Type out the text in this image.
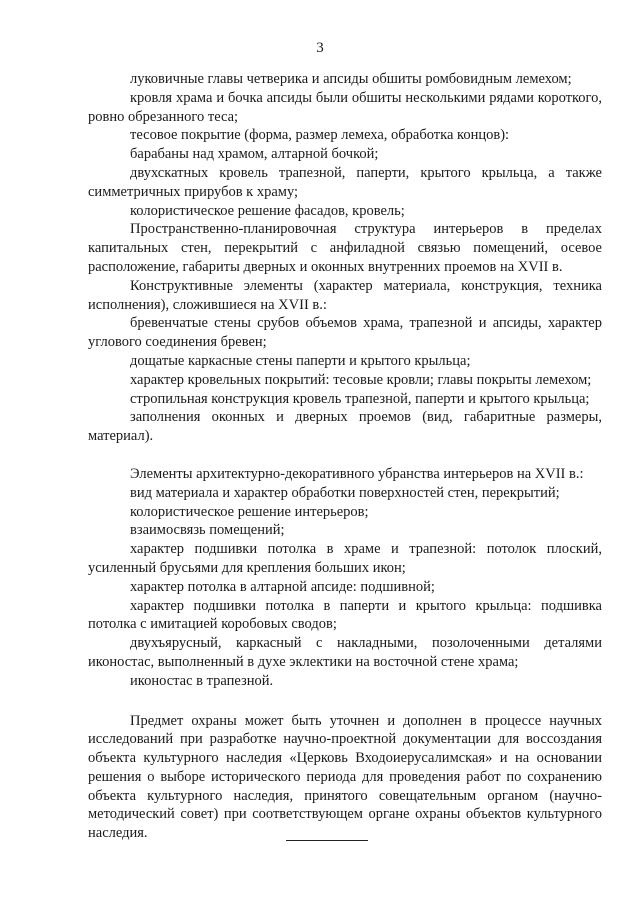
3

луковичные главы четверика и апсиды обшиты ромбовидным лемехом;

кровля храма и бочка апсиды были обшиты несколькими рядами короткого, ровно обрезанного теса;

тесовое покрытие (форма, размер лемеха, обработка концов):

барабаны над храмом, алтарной бочкой;

двухскатных кровель трапезной, паперти, крытого крыльца, а также симметричных прирубов к храму;

колористическое решение фасадов, кровель;

Пространственно-планировочная структура интерьеров в пределах капитальных стен, перекрытий с анфиладной связью помещений, осевое расположение, габариты дверных и оконных внутренних проемов на XVII в.

Конструктивные элементы (характер материала, конструкция, техника исполнения), сложившиеся на XVII в.:

бревенчатые стены срубов объемов храма, трапезной и апсиды, характер углового соединения бревен;

дощатые каркасные стены паперти и крытого крыльца;

характер кровельных покрытий: тесовые кровли; главы покрыты лемехом;

стропильная конструкция кровель трапезной, паперти и крытого крыльца;

заполнения оконных и дверных проемов (вид, габаритные размеры, материал).

Элементы архитектурно-декоративного убранства интерьеров на XVII в.:

вид материала и характер обработки поверхностей стен, перекрытий;

колористическое решение интерьеров;

взаимосвязь помещений;

характер подшивки потолка в храме и трапезной: потолок плоский, усиленный брусьями для крепления больших икон;

характер потолка в алтарной апсиде: подшивной;

характер подшивки потолка в паперти и крытого крыльца: подшивка потолка с имитацией коробовых сводов;

двухъярусный, каркасный с накладными, позолоченными деталями иконостас, выполненный в духе эклектики на восточной стене храма;

иконостас в трапезной.

Предмет охраны может быть уточнен и дополнен в процессе научных исследований при разработке научно-проектной документации для воссоздания объекта культурного наследия «Церковь Входоиерусалимская» и на основании решения о выборе исторического периода для проведения работ по сохранению объекта культурного наследия, принятого совещательным органом (научно-методический совет) при соответствующем органе охраны объектов культурного наследия.
